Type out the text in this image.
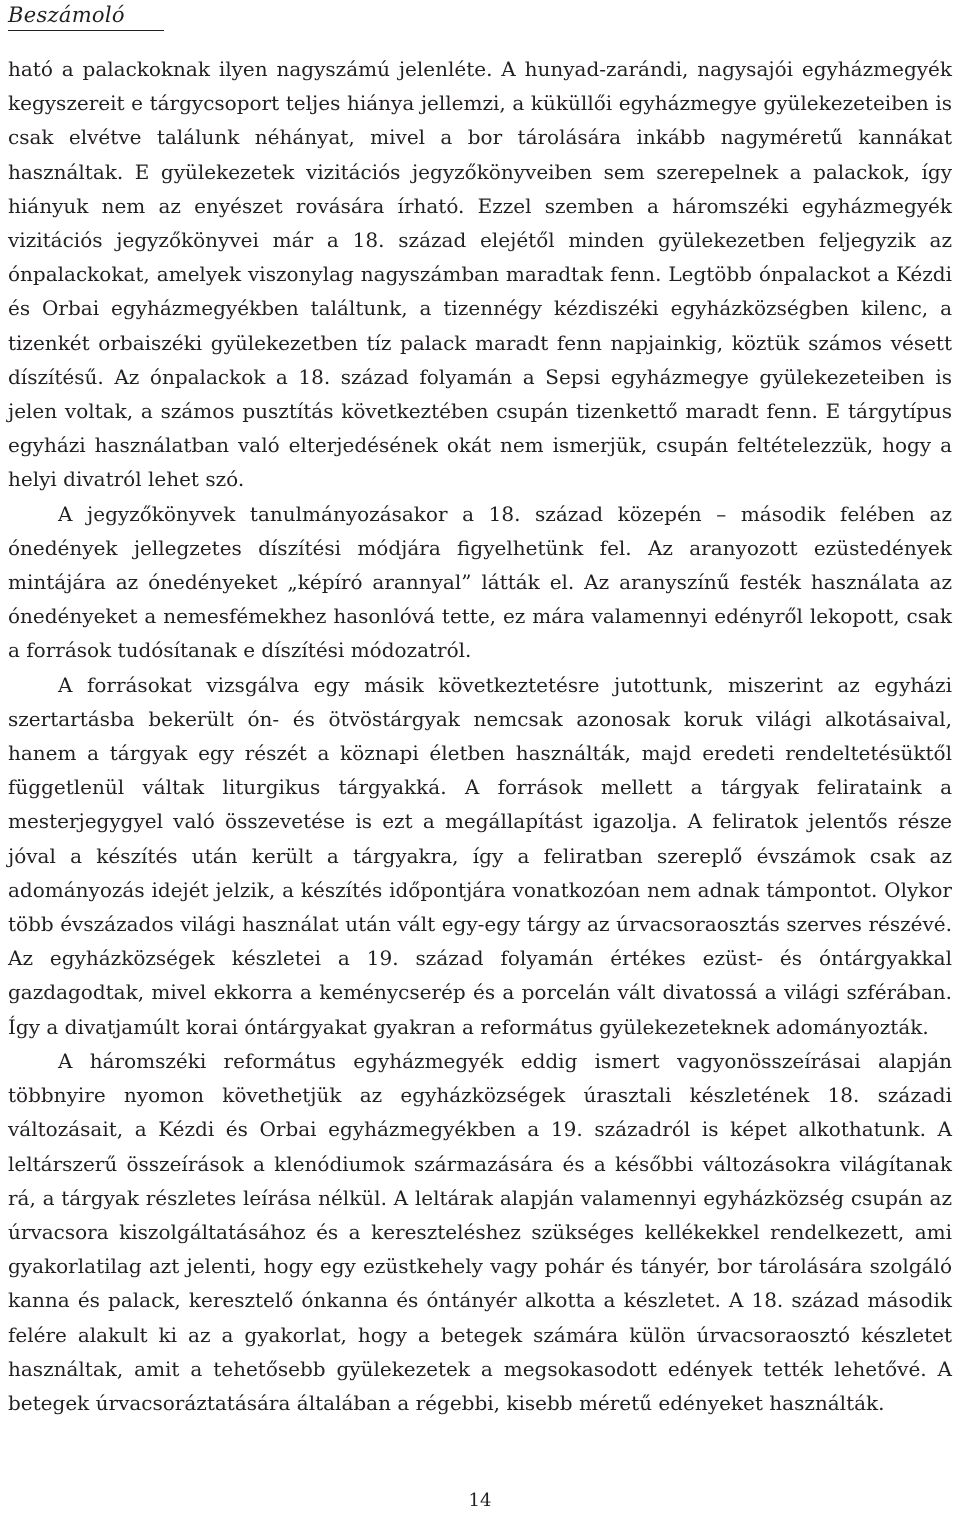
Beszámoló

ható a palackoknak ilyen nagyszámú jelenléte. A hunyad-zarándi, nagysajói egyházmegyék kegyszereit e tárgycsoport teljes hiánya jellemzi, a küküllői egyházmegye gyülekezeteiben is csak elvétve találunk néhányat, mivel a bor tárolására inkább nagyméretű kannákat használtak. E gyülekezetek vizitációs jegyzőkönyveiben sem szerepelnek a palackok, így hiányuk nem az enyészet rovására írható. Ezzel szemben a háromszéki egyházmegyék vizitációs jegyzőkönyvei már a 18. század elejétől minden gyülekezetben feljegyzik az ónpalackokat, amelyek viszonylag nagyszámban maradtak fenn. Legtöbb ónpalackot a Kézdi és Orbai egyházmegyékben találtunk, a tizennégy kézdiszéki egyházközségben kilenc, a tizenkét orbaiszéki gyülekezetben tíz palack maradt fenn napjainkig, köztük számos vésett díszítésű. Az ónpalackok a 18. század folyamán a Sepsi egyházmegye gyülekezeteiben is jelen voltak, a számos pusztítás következtében csupán tizenkettő maradt fenn. E tárgytípus egyházi használatban való elterjedésének okát nem ismerjük, csupán feltételezzük, hogy a helyi divatról lehet szó.

A jegyzőkönyvek tanulmányozásakor a 18. század közepén – második felében az ónedények jellegzetes díszítési módjára figyelhetünk fel. Az aranyozott ezüstedények mintájára az ónedényeket „képíró arannyal” látták el. Az aranyszínű festék használata az ónedényeket a nemesfémekhez hasonlóvá tette, ez mára valamennyi edényről lekopott, csak a források tudósítanak e díszítési módozatról.

A forrásokat vizsgálva egy másik következtetésre jutottunk, miszerint az egyházi szertartásba bekerült ón- és ötvöstárgyak nemcsak azonosak koruk világi alkotásaival, hanem a tárgyak egy részét a köznapi életben használták, majd eredeti rendeltetésüktől függetlenül váltak liturgikus tárgyakká. A források mellett a tárgyak felirataink a mesterjegygyel való összevetése is ezt a megállapítást igazolja. A feliratok jelentős része jóval a készítés után került a tárgyakra, így a feliratban szereplő évszámok csak az adományozás idejét jelzik, a készítés időpontjára vonatkozóan nem adnak támpontot. Olykor több évszázados világi használat után vált egy-egy tárgy az úrvacsoraosztás szerves részévé. Az egyházközségek készletei a 19. század folyamán értékes ezüst- és óntárgyakkal gazdagodtak, mivel ekkorra a keménycserép és a porcelán vált divatossá a világi szférában. Így a divatjamúlt korai óntárgyakat gyakran a református gyülekezeteknek adományozták.

A háromszéki református egyházmegyék eddig ismert vagyonösszeírásai alapján többnyire nyomon követhetjük az egyházközségek úrasztali készletének 18. századi változásait, a Kézdi és Orbai egyházmegyékben a 19. századról is képet alkothatunk. A leltárszerű összeírások a klenódiumok származására és a későbbi változásokra világítanak rá, a tárgyak részletes leírása nélkül. A leltárak alapján valamennyi egyházközség csupán az úrvacsora kiszolgáltatásához és a kereszteléshez szükséges kellékekkel rendelkezett, ami gyakorlatilag azt jelenti, hogy egy ezüstkehely vagy pohár és tányér, bor tárolására szolgáló kanna és palack, keresztelő ónkanna és óntányér alkotta a készletet. A 18. század második felére alakult ki az a gyakorlat, hogy a betegek számára külön úrvacsoraosztó készletet használtak, amit a tehetősebb gyülekezetek a megsokasodott edények tették lehetővé. A betegek úrvacsoráztatására általában a régebbi, kisebb méretű edényeket használták.

14
